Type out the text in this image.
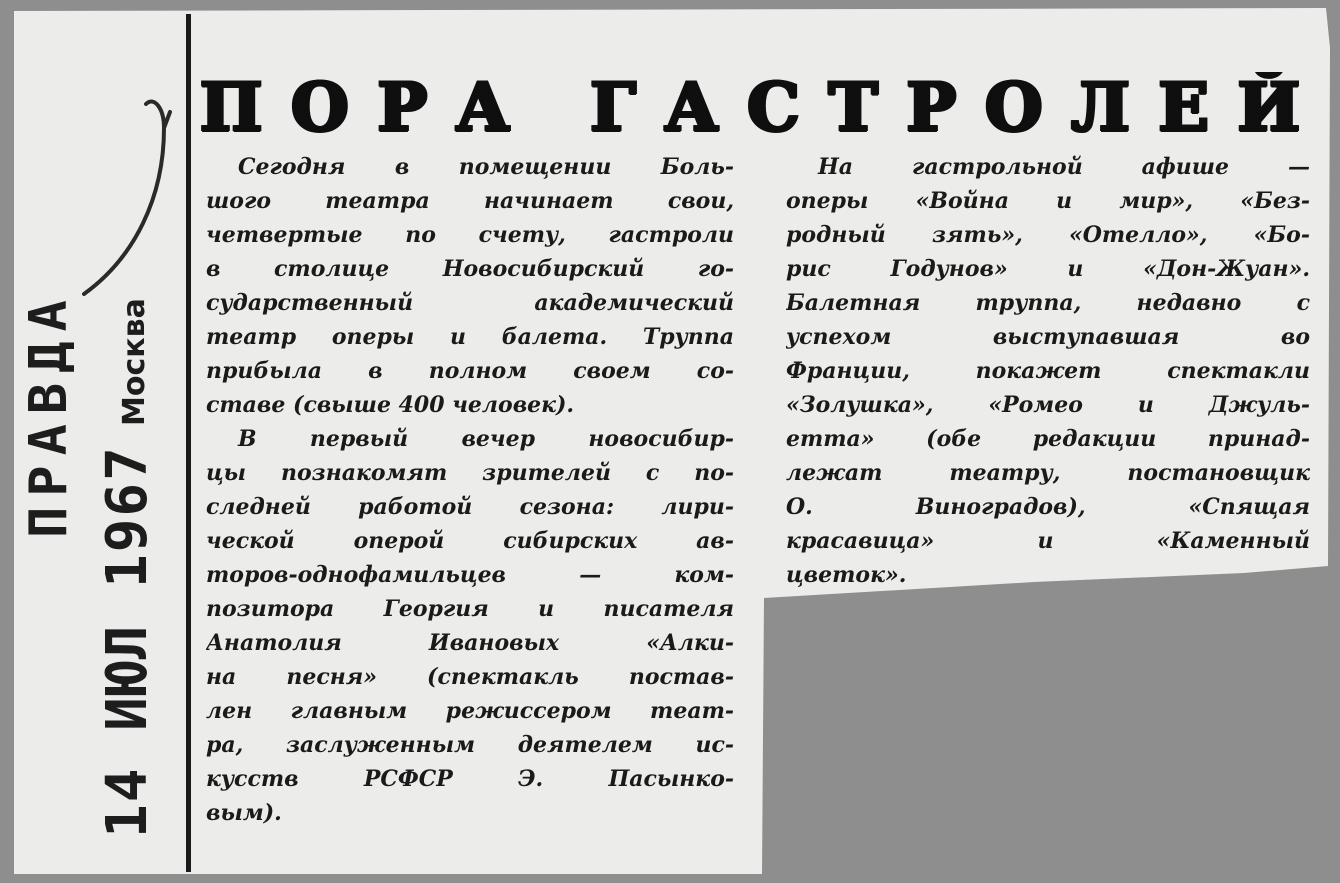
ПРАВДА
14 ИЮЛ 1967
Москва
ПОРА ГАСТРОЛЕЙ
Сегодня в помещении Боль-
шого театра начинает свои,
четвертые по счету, гастроли
в столице Новосибирский го-
сударственный академический
театр оперы и балета. Труппа
прибыла в полном своем со-
ставе (свыше 400 человек).
В первый вечер новосибир-
цы познакомят зрителей с по-
следней работой сезона: лири-
ческой оперой сибирских ав-
торов-однофамильцев — ком-
позитора Георгия и писателя
Анатолия Ивановых «Алки-
на песня» (спектакль постав-
лен главным режиссером теат-
ра, заслуженным деятелем ис-
кусств РСФСР Э. Пасынко-
вым).
На гастрольной афише —
оперы «Война и мир», «Без-
родный зять», «Отелло», «Бо-
рис Годунов» и «Дон-Жуан».
Балетная труппа, недавно с
успехом выступавшая во
Франции, покажет спектакли
«Золушка», «Ромео и Джуль-
етта» (обе редакции принад-
лежат театру, постановщик
О. Виноградов), «Спящая
красавица» и «Каменный
цветок».
